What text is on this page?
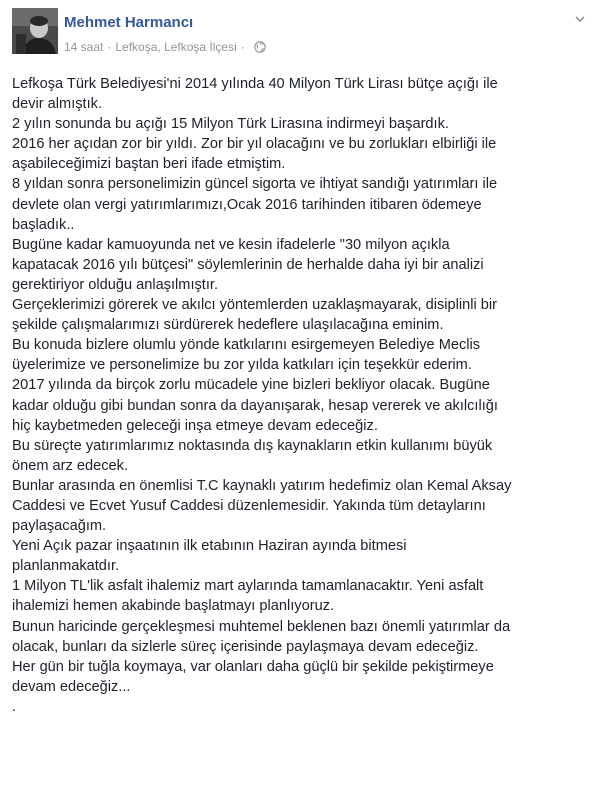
Mehmet Harmancı
14 saat · Lefkoşa, Lefkoşa İlçesi ·
Lefkoşa Türk Belediyesi'ni 2014 yılında 40 Milyon Türk Lirası bütçe açığı ile
devir almıştık.
2 yılın sonunda bu açığı 15 Milyon Türk Lirasına indirmeyi başardık.
2016 her açıdan zor bir yıldı. Zor bir yıl olacağını ve bu zorlukları elbirliği ile
aşabileceğimizi baştan beri ifade etmiştim.
8 yıldan sonra personelimizin güncel sigorta ve ihtiyat sandığı yatırımları ile
devlete olan vergi yatırımlarımızı,Ocak 2016 tarihinden itibaren ödemeye
başladık..
Bugüne kadar kamuoyunda net ve kesin ifadelerle "30 milyon açıkla
kapatacak 2016 yılı bütçesi" söylemlerinin de herhalde daha iyi bir analizi
gerektiriyor olduğu anlaşılmıştır.
Gerçeklerimizi görerek ve akılcı yöntemlerden uzaklaşmayarak, disiplinli bir
şekilde çalışmalarımızı sürdürerek hedeflere ulaşılacağına eminim.
Bu konuda bizlere olumlu yönde katkılarını esirgemeyen Belediye Meclis
üyelerimize ve personelimize bu zor yılda katkıları için teşekkür ederim.
2017 yılında da birçok zorlu mücadele yine bizleri bekliyor olacak. Bugüne
kadar olduğu gibi bundan sonra da dayanışarak, hesap vererek ve akılcılığı
hiç kaybetmeden geleceği inşa etmeye devam edeceğiz.
Bu süreçte yatırımlarımız noktasında dış kaynakların etkin kullanımı büyük
önem arz edecek.
Bunlar arasında en önemlisi T.C kaynaklı yatırım hedefimiz olan Kemal Aksay
Caddesi ve Ecvet Yusuf Caddesi düzenlemesidir. Yakında tüm detaylarını
paylaşacağım.
Yeni Açık pazar inşaatının ilk etabının Haziran ayında bitmesi
planlanmakatdır.
1 Milyon TL'lik asfalt ihalemiz mart aylarında tamamlanacaktır. Yeni asfalt
ihalemizi hemen akabinde başlatmayı planlıyoruz.
Bunun haricinde gerçekleşmesi muhtemel beklenen bazı önemli yatırımlar da
olacak, bunları da sizlerle süreç içerisinde paylaşmaya devam edeceğiz.
Her gün bir tuğla koymaya, var olanları daha güçlü bir şekilde pekiştirmeye
devam edeceğiz...
.
